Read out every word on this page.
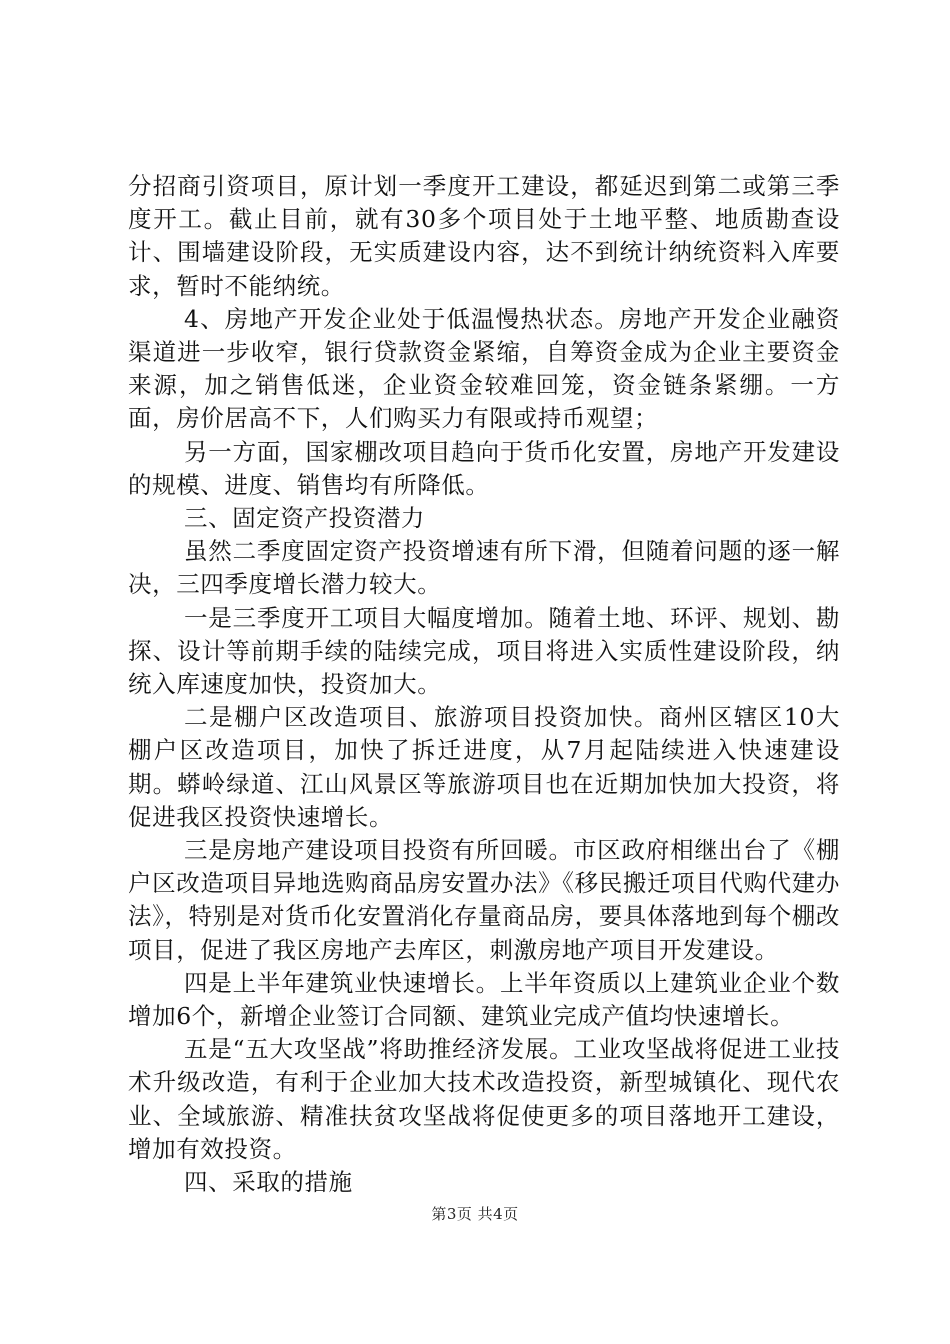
分招商引资项目，原计划一季度开工建设，都延迟到第二或第三季度开工。截止目前，就有30多个项目处于土地平整、地质勘查设计、围墙建设阶段，无实质建设内容，达不到统计纳统资料入库要求，暂时不能纳统。

4、房地产开发企业处于低温慢热状态。房地产开发企业融资渠道进一步收窄，银行贷款资金紧缩，自筹资金成为企业主要资金来源，加之销售低迷，企业资金较难回笼，资金链条紧绷。一方面，房价居高不下，人们购买力有限或持币观望；

另一方面，国家棚改项目趋向于货币化安置，房地产开发建设的规模、进度、销售均有所降低。

三、固定资产投资潜力

虽然二季度固定资产投资增速有所下滑，但随着问题的逐一解决，三四季度增长潜力较大。

一是三季度开工项目大幅度增加。随着土地、环评、规划、勘探、设计等前期手续的陆续完成，项目将进入实质性建设阶段，纳统入库速度加快，投资加大。

二是棚户区改造项目、旅游项目投资加快。商州区辖区10大棚户区改造项目，加快了拆迁进度，从7月起陆续进入快速建设期。蟒岭绿道、江山风景区等旅游项目也在近期加快加大投资，将促进我区投资快速增长。

三是房地产建设项目投资有所回暖。市区政府相继出台了《棚户区改造项目异地选购商品房安置办法》《移民搬迁项目代购代建办法》，特别是对货币化安置消化存量商品房，要具体落地到每个棚改项目，促进了我区房地产去库区，刺激房地产项目开发建设。

四是上半年建筑业快速增长。上半年资质以上建筑业企业个数增加6个，新增企业签订合同额、建筑业完成产值均快速增长。

五是“五大攻坚战”将助推经济发展。工业攻坚战将促进工业技术升级改造，有利于企业加大技术改造投资，新型城镇化、现代农业、全域旅游、精准扶贫攻坚战将促使更多的项目落地开工建设，增加有效投资。

四、采取的措施

第3页 共4页
